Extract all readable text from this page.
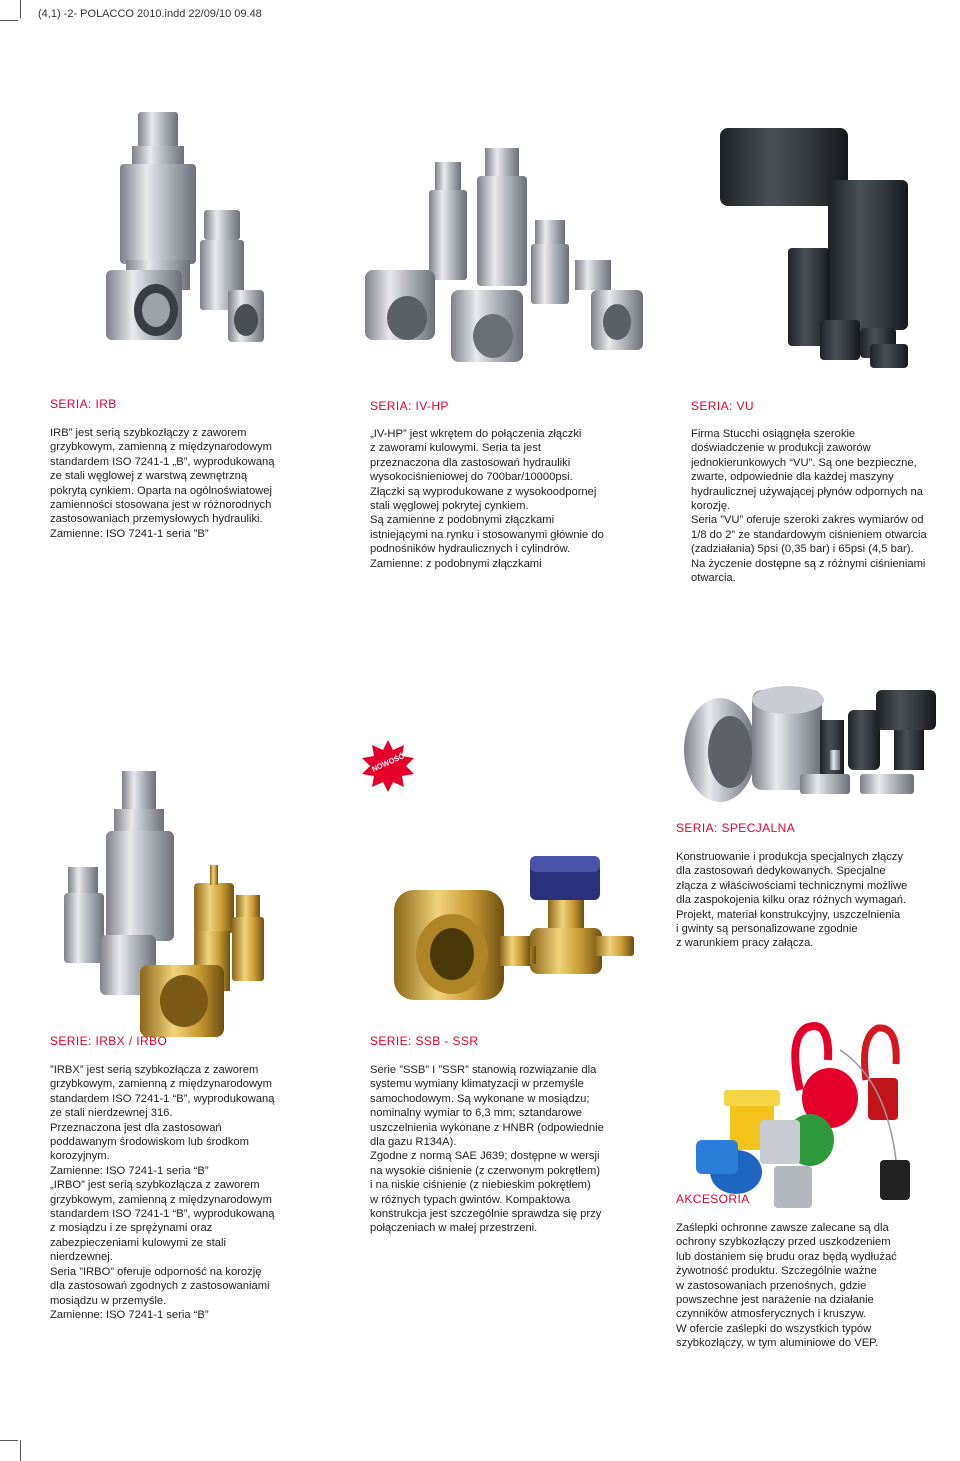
(4,1) -2- POLACCO 2010.indd 22/09/10 09.48
NOWOŚĆ
SERIA: IRB
IRB” jest serią szybkozłączy z zaworem
grzybkowym, zamienną z międzynarodowym
standardem ISO 7241-1 „B”, wyprodukowaną
ze stali węglowej z warstwą zewnętrzną
pokrytą cynkiem. Oparta na ogólnoświatowej
zamienności stosowana jest w różnorodnych
zastosowaniach przemysłowych hydrauliki.
Zamienne: ISO 7241-1 seria ”B”
SERIA: IV-HP
„IV-HP” jest wkrętem do połączenia złączki
z zaworami kulowymi. Seria ta jest
przeznaczona dla zastosowań hydrauliki
wysokociśnieniowej do 700bar/10000psi.
Złączki są wyprodukowane z wysokoodpornej
stali węglowej pokrytej cynkiem.
Są zamienne z podobnymi złączkami
istniejącymi na rynku i stosowanymi głównie do
podnośników hydraulicznych i cylindrów.
Zamienne: z podobnymi złączkami
SERIA: VU
Firma Stucchi osiągnęła szerokie
doświadczenie w produkcji zaworów
jednokierunkowych “VU”. Są one bezpieczne,
zwarte, odpowiednie dla każdej maszyny
hydraulicznej używającej płynów odpornych na
korozję.
Seria ”VU” oferuje szeroki zakres wymiarów od
1/8 do 2” ze standardowym ciśnieniem otwarcia
(zadziałania) 5psi (0,35 bar) i 65psi (4,5 bar).
Na życzenie dostępne są z różnymi ciśnieniami
otwarcia.
SERIA: SPECJALNA
Konstruowanie i produkcja specjalnych złączy
dla zastosowań dedykowanych. Specjalne
złącza z właściwościami technicznymi możliwe
dla zaspokojenia kilku oraz różnych wymagań.
Projekt, materiał konstrukcyjny, uszczelnienia
i gwinty są personalizowane zgodnie
z warunkiem pracy załącza.
SERIE: IRBX / IRBO
”IRBX” jest serią szybkozłącza z zaworem
grzybkowym, zamienną z międzynarodowym
standardem ISO 7241-1 “B”, wyprodukowaną
ze stali nierdzewnej 316.
Przeznaczona jest dla zastosowań
poddawanym środowiskom lub środkom
korozyjnym.
Zamienne: ISO 7241-1 seria “B”
„IRBO” jest serią szybkozłącza z zaworem
grzybkowym, zamienną z międzynarodowym
standardem ISO 7241-1 “B”, wyprodukowaną
z mosiądzu i ze sprężynami oraz
zabezpieczeniami kulowymi ze stali
nierdzewnej.
Seria ”IRBO” oferuje odporność na korozję
dla zastosowań zgodnych z zastosowaniami
mosiądzu w przemyśle.
Zamienne: ISO 7241-1 seria “B”
SERIE: SSB - SSR
Serie ”SSB” I ”SSR” stanowią rozwiązanie dla
systemu wymiany klimatyzacji w przemyśle
samochodowym. Są wykonane w mosiądzu;
nominalny wymiar to 6,3 mm; sztandarowe
uszczelnienia wykonane z HNBR (odpowiednie
dla gazu R134A).
Zgodne z normą SAE J639; dostępne w wersji
na wysokie ciśnienie (z czerwonym pokrętłem)
i na niskie ciśnienie (z niebieskim pokrętłem)
w różnych typach gwintów. Kompaktowa
konstrukcja jest szczególnie sprawdza się przy
połączeniach w małej przestrzeni.
AKCESORIA
Zaślepki ochronne zawsze zalecane są dla
ochrony szybkozłączy przed uszkodzeniem
lub dostaniem się brudu oraz będą wydłużać
żywotność produktu. Szczególnie ważne
w zastosowaniach przenośnych, gdzie
powszechne jest narażenie na działanie
czynników atmosferycznych i kruszyw.
W ofercie zaślepki do wszystkich typów
szybkozłączy, w tym aluminiowe do VEP.
